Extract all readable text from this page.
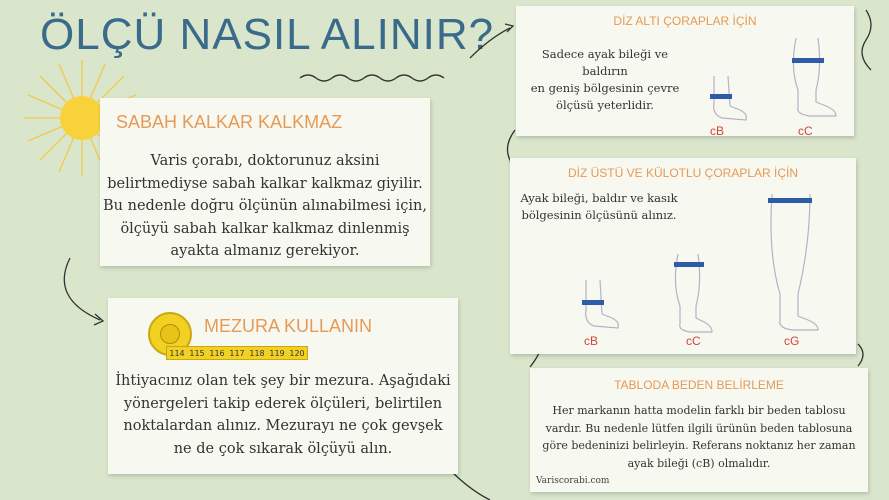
ÖLÇÜ NASIL ALINIR?
SABAH KALKAR KALKMAZ
Varis çorabı, doktorunuz aksini
belirtmediyse sabah kalkar kalkmaz giyilir.
Bu nedenle doğru ölçünün alınabilmesi için,
ölçüyü sabah kalkar kalkmaz dinlenmiş
ayakta almanız gerekiyor.
MEZURA KULLANIN
İhtiyacınız olan tek şey bir mezura. Aşağıdaki
yönergeleri takip ederek ölçüleri, belirtilen
noktalardan alınız. Mezurayı ne çok gevşek
ne de çok sıkarak ölçüyü alın.
114 115 116 117 118 119 120
DİZ ALTI ÇORAPLAR İÇİN
Sadece ayak bileği ve baldırın
en geniş bölgesinin çevre
ölçüsü yeterlidir.
cB	cC
DİZ ÜSTÜ VE KÜLOTLU ÇORAPLAR İÇİN
Ayak bileği, baldır ve kasık
bölgesinin ölçüsünü alınız.
cB	cC	cG
TABLODA BEDEN BELİRLEME
Her markanın hatta modelin farklı bir beden tablosu
vardır. Bu nedenle lütfen ilgili ürünün beden tablosuna
göre bedeninizi belirleyin. Referans noktanız her zaman
ayak bileği (cB) olmalıdır.
Variscorabi.com
